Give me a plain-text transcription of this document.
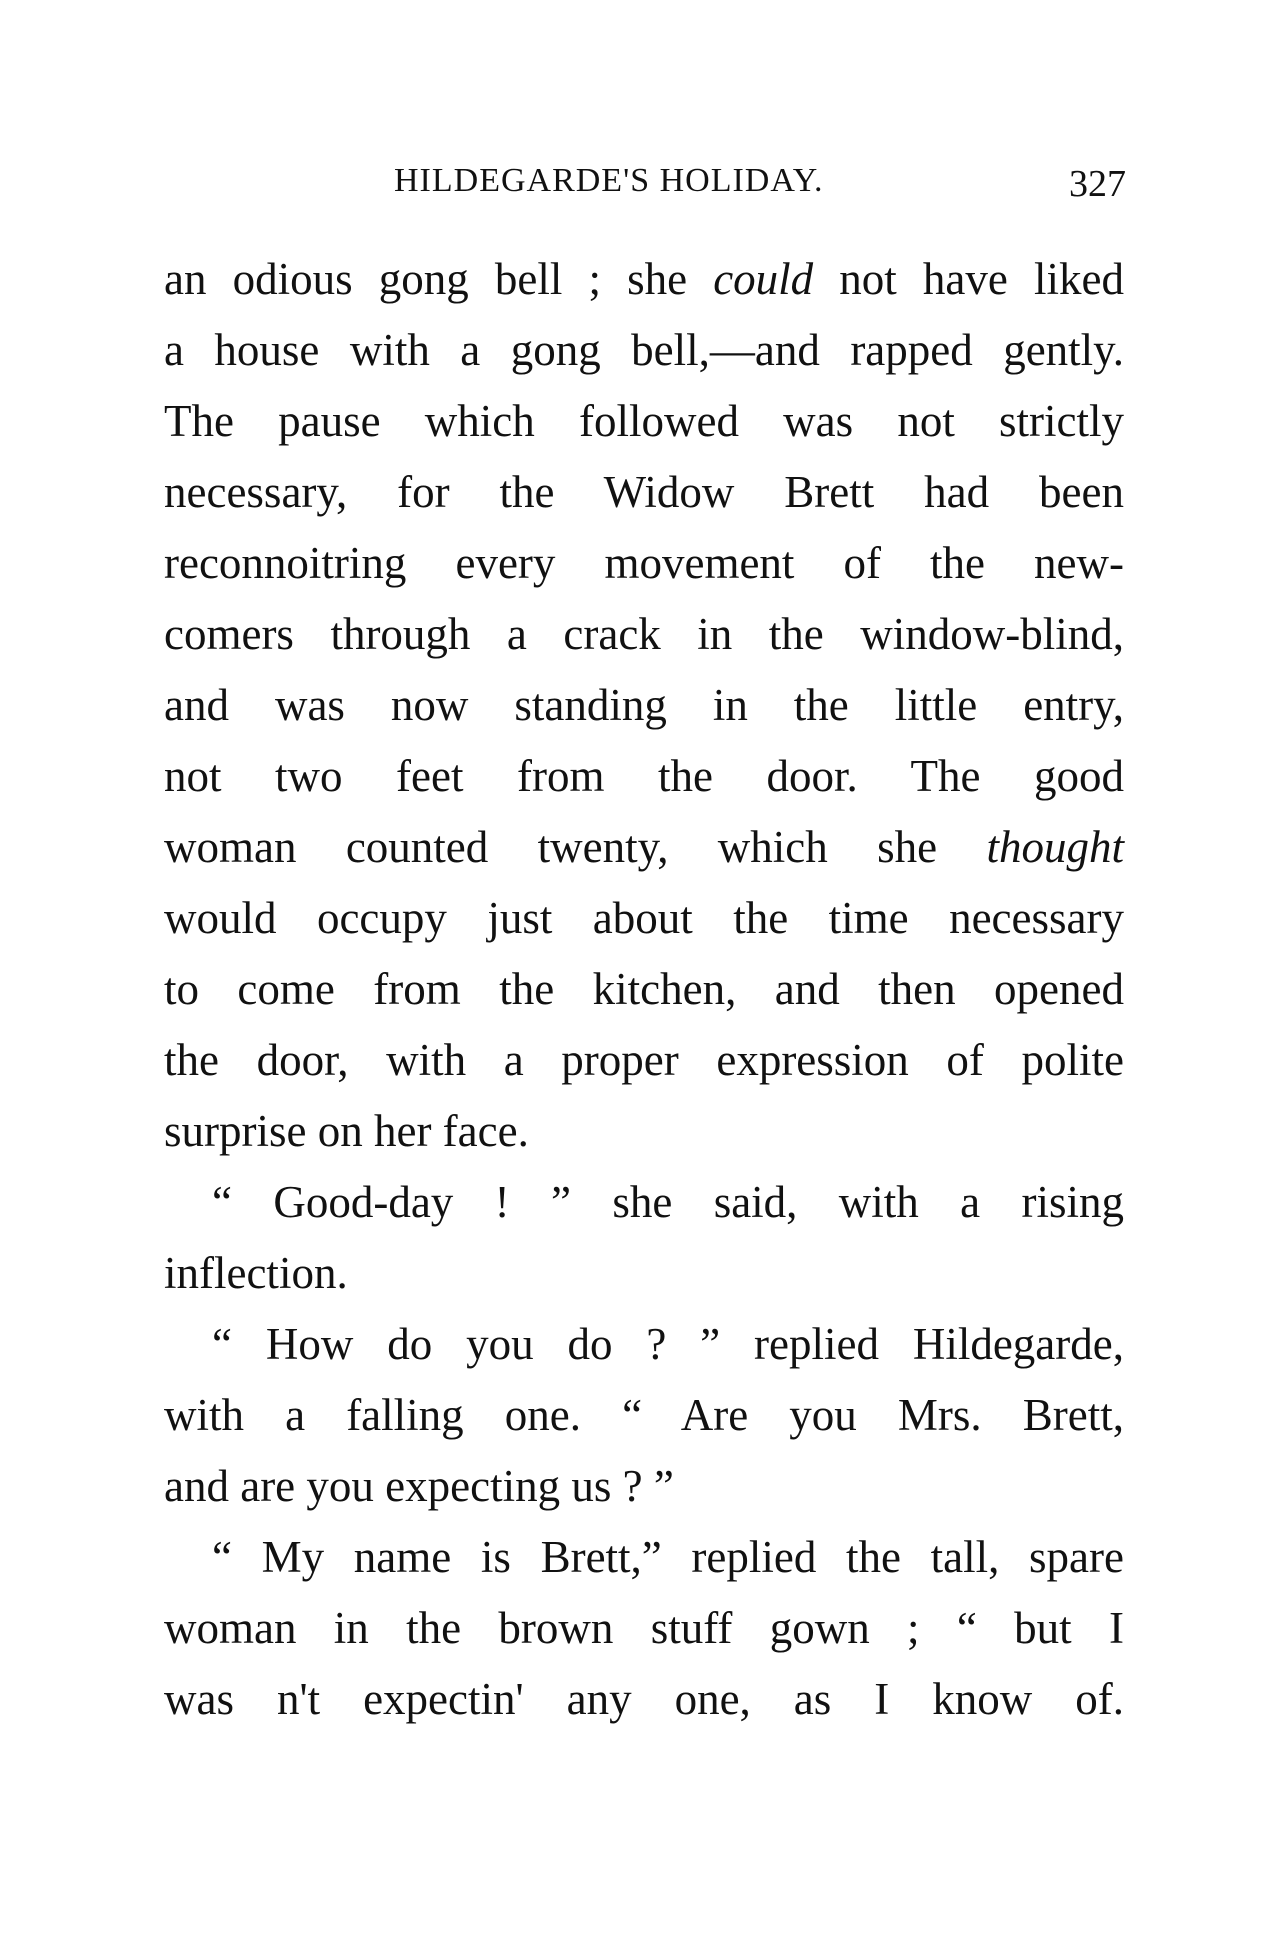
HILDEGARDE'S HOLIDAY.	327
an odious gong bell ; she could not have liked
a house with a gong bell,—and rapped gently.
The pause which followed was not strictly
necessary, for the Widow Brett had been
reconnoitring every movement of the new-
comers through a crack in the window-blind,
and was now standing in the little entry,
not two feet from the door. The good
woman counted twenty, which she thought
would occupy just about the time necessary
to come from the kitchen, and then opened
the door, with a proper expression of polite
surprise on her face.
“ Good-day ! ” she said, with a rising
inflection.
“ How do you do ? ” replied Hildegarde,
with a falling one. “ Are you Mrs. Brett,
and are you expecting us ? ”
“ My name is Brett,” replied the tall, spare
woman in the brown stuff gown ; “ but I
was n't expectin' any one, as I know of.
